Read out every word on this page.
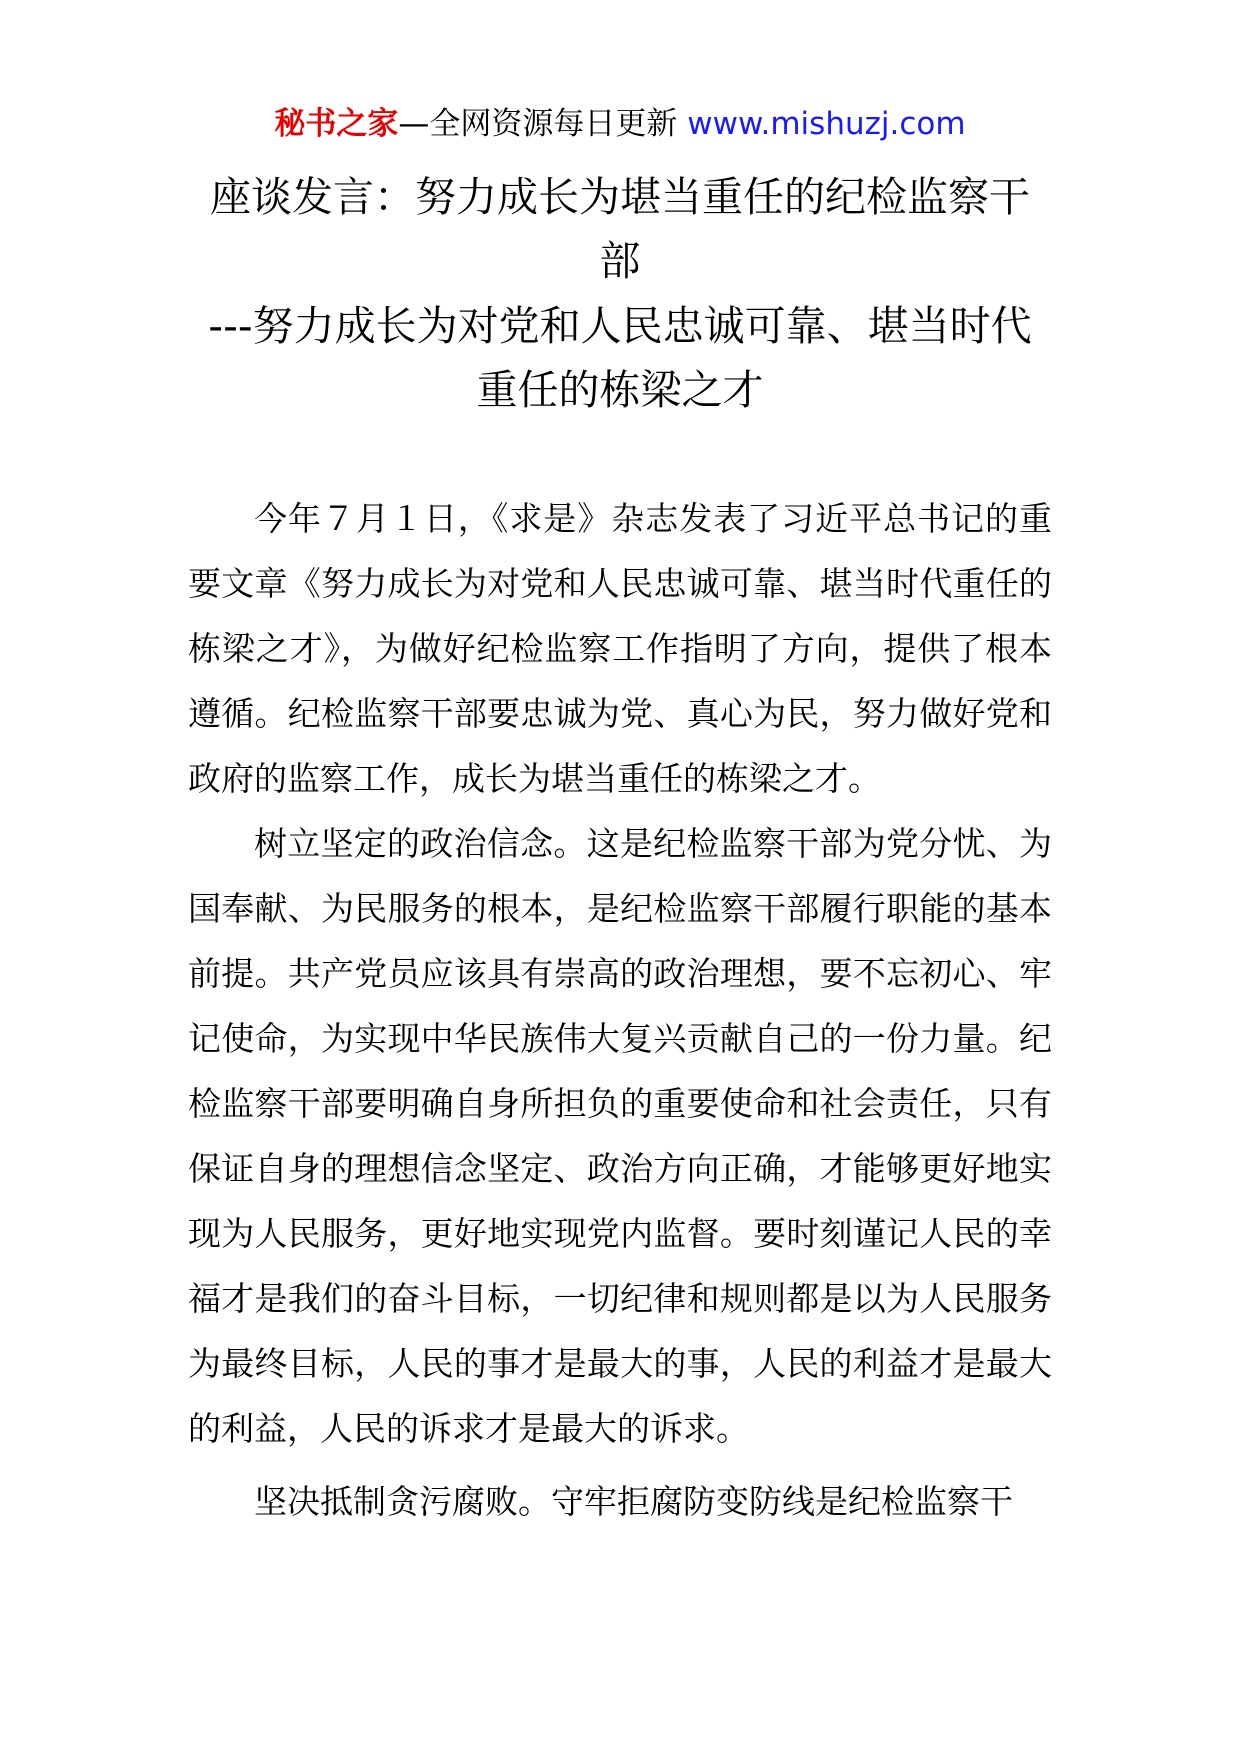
秘书之家—全网资源每日更新 www.mishuzj.com
座谈发言：努力成长为堪当重任的纪检监察干部
---努力成长为对党和人民忠诚可靠、堪当时代重任的栋梁之才

今年７月１日，《求是》杂志发表了习近平总书记的重要文章《努力成长为对党和人民忠诚可靠、堪当时代重任的栋梁之才》，为做好纪检监察工作指明了方向，提供了根本遵循。纪检监察干部要忠诚为党、真心为民，努力做好党和政府的监察工作，成长为堪当重任的栋梁之才。

树立坚定的政治信念。这是纪检监察干部为党分忧、为国奉献、为民服务的根本，是纪检监察干部履行职能的基本前提。共产党员应该具有崇高的政治理想，要不忘初心、牢记使命，为实现中华民族伟大复兴贡献自己的一份力量。纪检监察干部要明确自身所担负的重要使命和社会责任，只有保证自身的理想信念坚定、政治方向正确，才能够更好地实现为人民服务，更好地实现党内监督。要时刻谨记人民的幸福才是我们的奋斗目标，一切纪律和规则都是以为人民服务为最终目标，人民的事才是最大的事，人民的利益才是最大的利益，人民的诉求才是最大的诉求。

坚决抵制贪污腐败。守牢拒腐防变防线是纪检监察干
